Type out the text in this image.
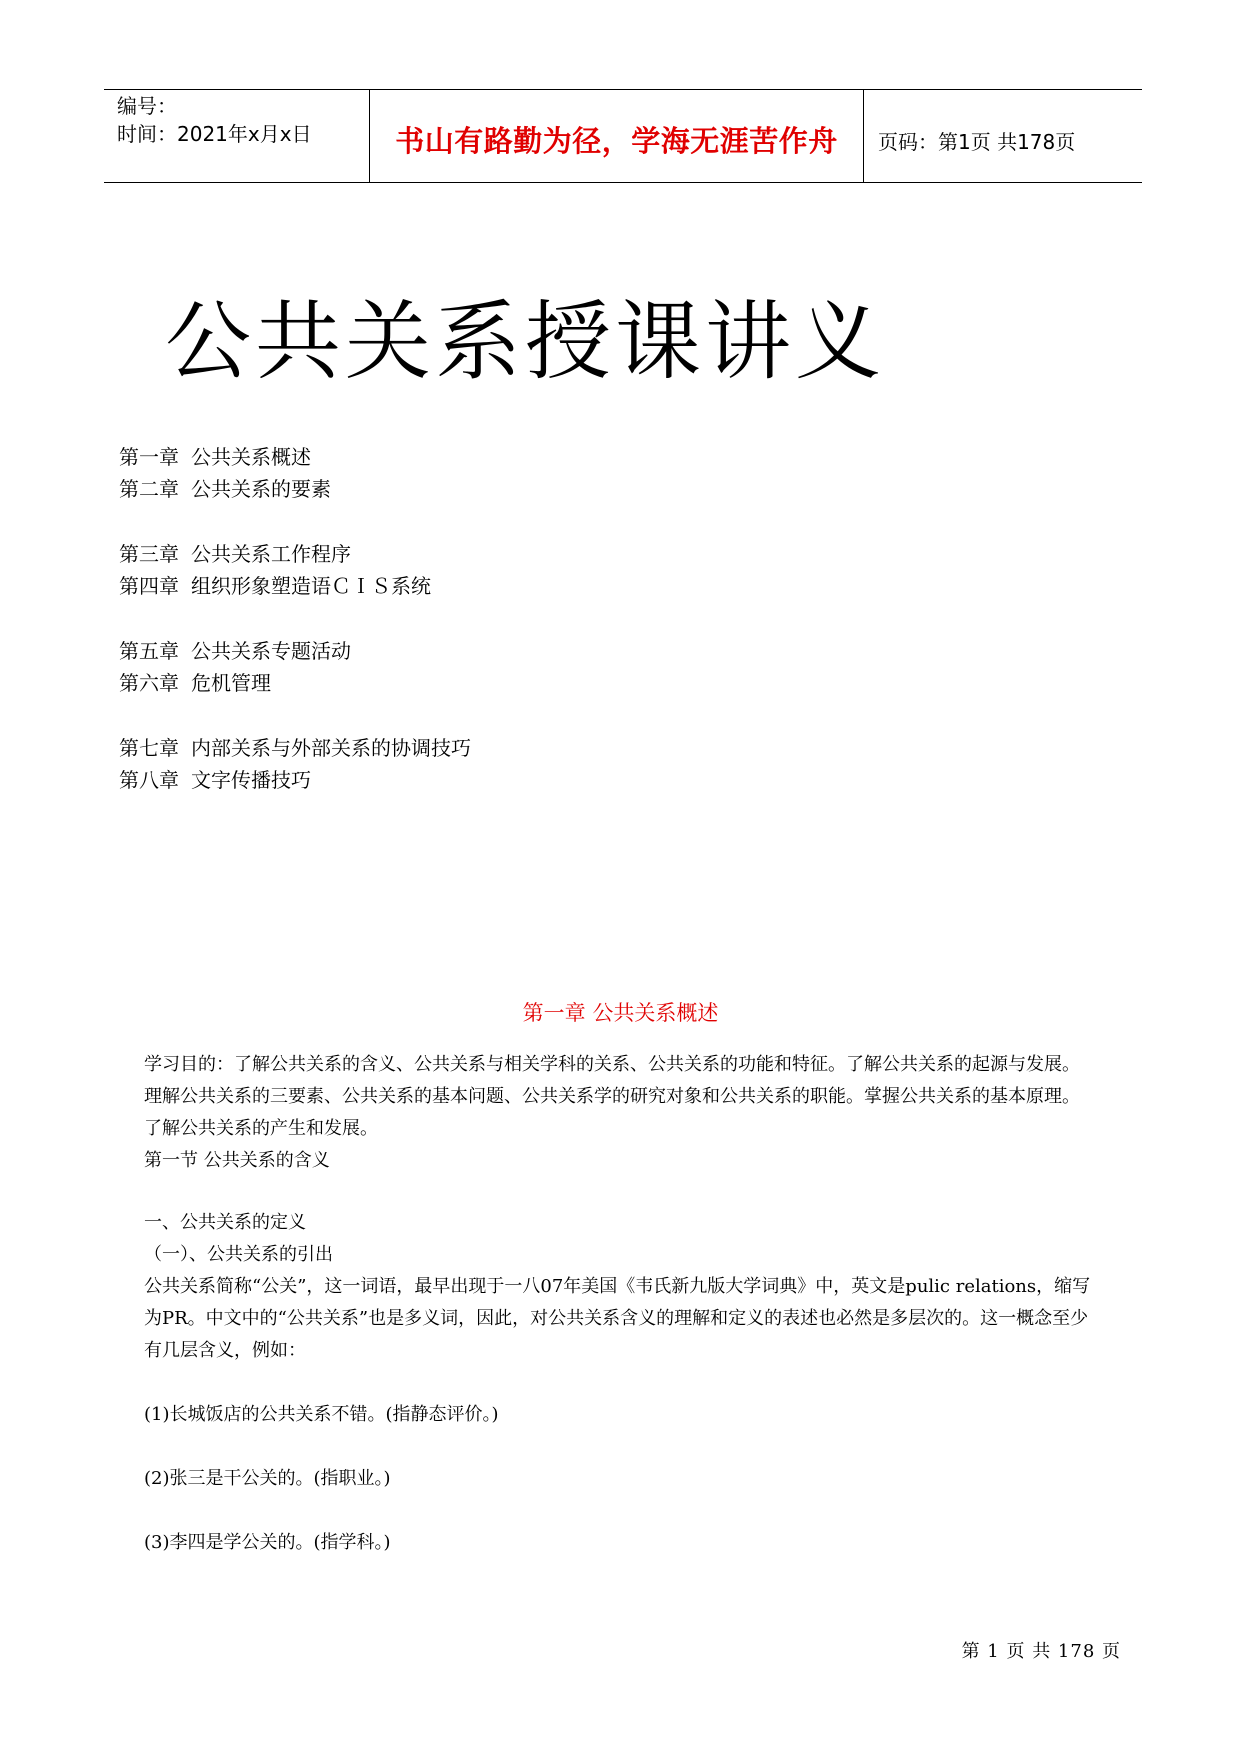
编号：
时间：2021年x月x日	书山有路勤为径，学海无涯苦作舟 页码：第1页 共178页
公共关系授课讲义
第一章 公共关系概述
第二章 公共关系的要素
第三章 公共关系工作程序
第四章 组织形象塑造语ＣＩＳ系统
第五章 公共关系专题活动
第六章 危机管理
第七章 内部关系与外部关系的协调技巧
第八章 文字传播技巧
第一章 公共关系概述

学习目的：了解公共关系的含义、公共关系与相关学科的关系、公共关系的功能和特征。了解公共关系的起源与发展。理解公共关系的三要素、公共关系的基本问题、公共关系学的研究对象和公共关系的职能。掌握公共关系的基本原理。了解公共关系的产生和发展。

第一节 公共关系的含义

一、公共关系的定义

（一）、公共关系的引出

公共关系简称“公关”，这一词语，最早出现于一八07年美国《韦氏新九版大学词典》中，英文是pulic relations，缩写为PR。中文中的“公共关系”也是多义词，因此，对公共关系含义的理解和定义的表述也必然是多层次的。这一概念至少有几层含义，例如：

(1)长城饭店的公共关系不错。(指静态评价。)

(2)张三是干公关的。(指职业。)

(3)李四是学公关的。(指学科。)

第 1 页 共 178 页
